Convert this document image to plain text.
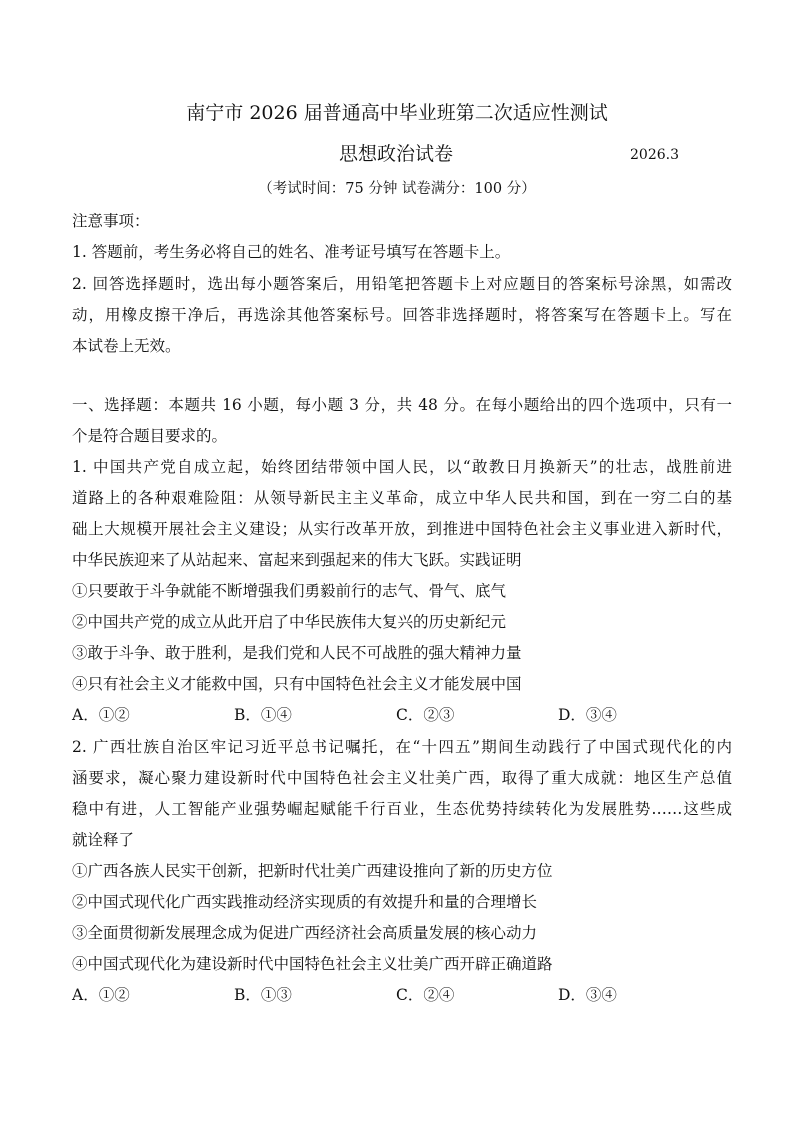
南宁市 2026 届普通高中毕业班第二次适应性测试
思想政治试卷	2026.3
（考试时间：75 分钟 试卷满分：100 分）
注意事项：
1. 答题前，考生务必将自己的姓名、准考证号填写在答题卡上。
2. 回答选择题时，选出每小题答案后，用铅笔把答题卡上对应题目的答案标号涂黑，如需改
动，用橡皮擦干净后，再选涂其他答案标号。回答非选择题时，将答案写在答题卡上。写在
本试卷上无效。
一、选择题：本题共 16 小题，每小题 3 分，共 48 分。在每小题给出的四个选项中，只有一
个是符合题目要求的。
1. 中国共产党自成立起，始终团结带领中国人民，以“敢教日月换新天”的壮志，战胜前进
道路上的各种艰难险阻：从领导新民主主义革命，成立中华人民共和国，到在一穷二白的基
础上大规模开展社会主义建设；从实行改革开放，到推进中国特色社会主义事业进入新时代，
中华民族迎来了从站起来、富起来到强起来的伟大飞跃。实践证明
①只要敢于斗争就能不断增强我们勇毅前行的志气、骨气、底气
②中国共产党的成立从此开启了中华民族伟大复兴的历史新纪元
③敢于斗争、敢于胜利，是我们党和人民不可战胜的强大精神力量
④只有社会主义才能救中国，只有中国特色社会主义才能发展中国
A．①②	B．①④	C．②③	D．③④
2. 广西壮族自治区牢记习近平总书记嘱托，在“十四五”期间生动践行了中国式现代化的内
涵要求，凝心聚力建设新时代中国特色社会主义壮美广西，取得了重大成就：地区生产总值
稳中有进，人工智能产业强势崛起赋能千行百业，生态优势持续转化为发展胜势……这些成
就诠释了
①广西各族人民实干创新，把新时代壮美广西建设推向了新的历史方位
②中国式现代化广西实践推动经济实现质的有效提升和量的合理增长
③全面贯彻新发展理念成为促进广西经济社会高质量发展的核心动力
④中国式现代化为建设新时代中国特色社会主义壮美广西开辟正确道路
A．①②	B．①③	C．②④	D．③④
